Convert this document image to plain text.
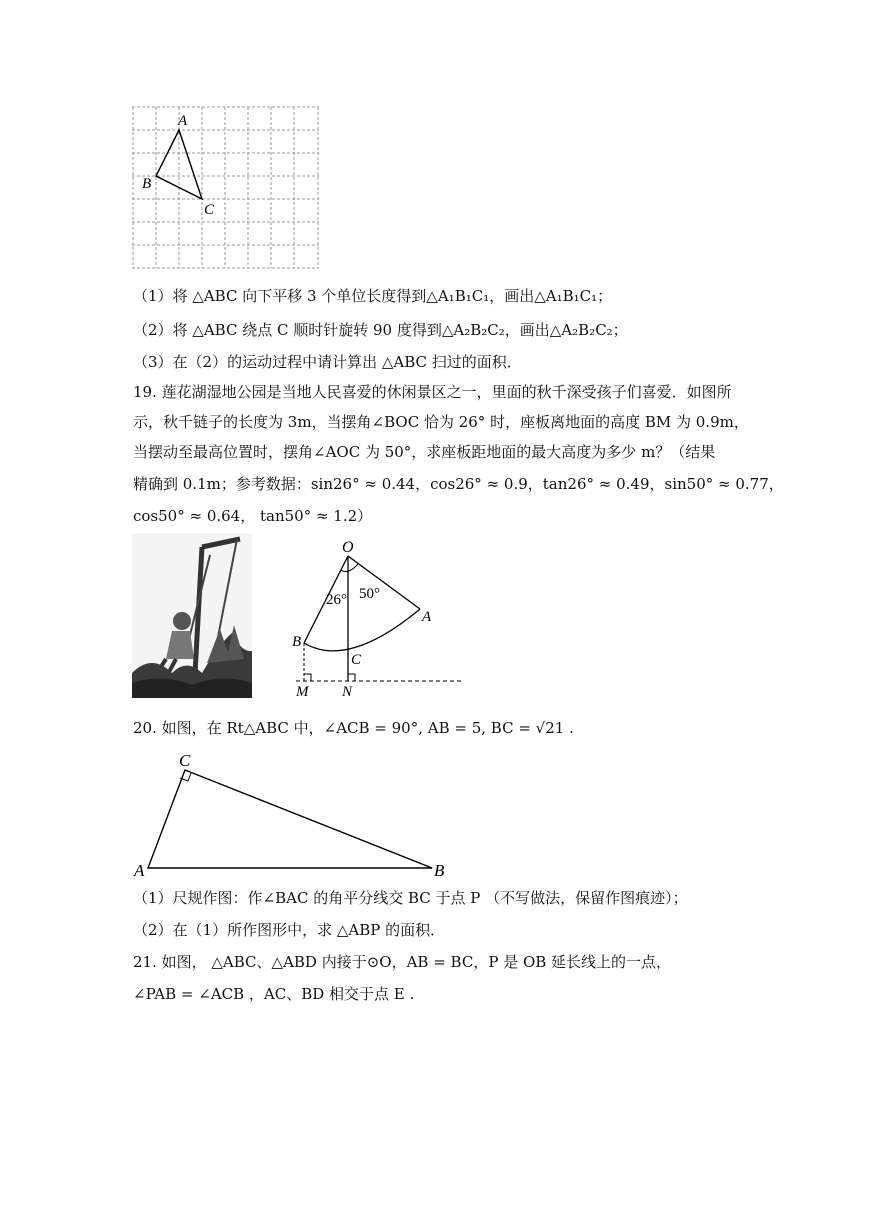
A
B
C
（1）将 △ABC 向下平移 3 个单位长度得到△A₁B₁C₁，画出△A₁B₁C₁；
（2）将 △ABC 绕点 C 顺时针旋转 90 度得到△A₂B₂C₂，画出△A₂B₂C₂；
（3）在（2）的运动过程中请计算出 △ABC 扫过的面积．
19. 莲花湖湿地公园是当地人民喜爱的休闲景区之一，里面的秋千深受孩子们喜爱．如图所
示，秋千链子的长度为 3m，当摆角∠BOC 恰为 26° 时，座板离地面的高度 BM 为 0.9m，
当摆动至最高位置时，摆角∠AOC 为 50°，求座板距地面的最大高度为多少 m？（结果
精确到 0.1m；参考数据：sin26° ≈ 0.44，cos26° ≈ 0.9，tan26° ≈ 0.49，sin50° ≈ 0.77，
cos50° ≈ 0.64， tan50° ≈ 1.2）
O
A
B
C
M N
26° 50°
20. 如图，在 Rt△ABC 中，∠ACB = 90°, AB = 5, BC = √21 .
C
A	B
（1）尺规作图：作∠BAC 的角平分线交 BC 于点 P （不写做法，保留作图痕迹）；
（2）在（1）所作图形中，求 △ABP 的面积．
21. 如图， △ABC、△ABD 内接于⊙O，AB = BC，P 是 OB 延长线上的一点，
∠PAB = ∠ACB ，AC、BD 相交于点 E .
